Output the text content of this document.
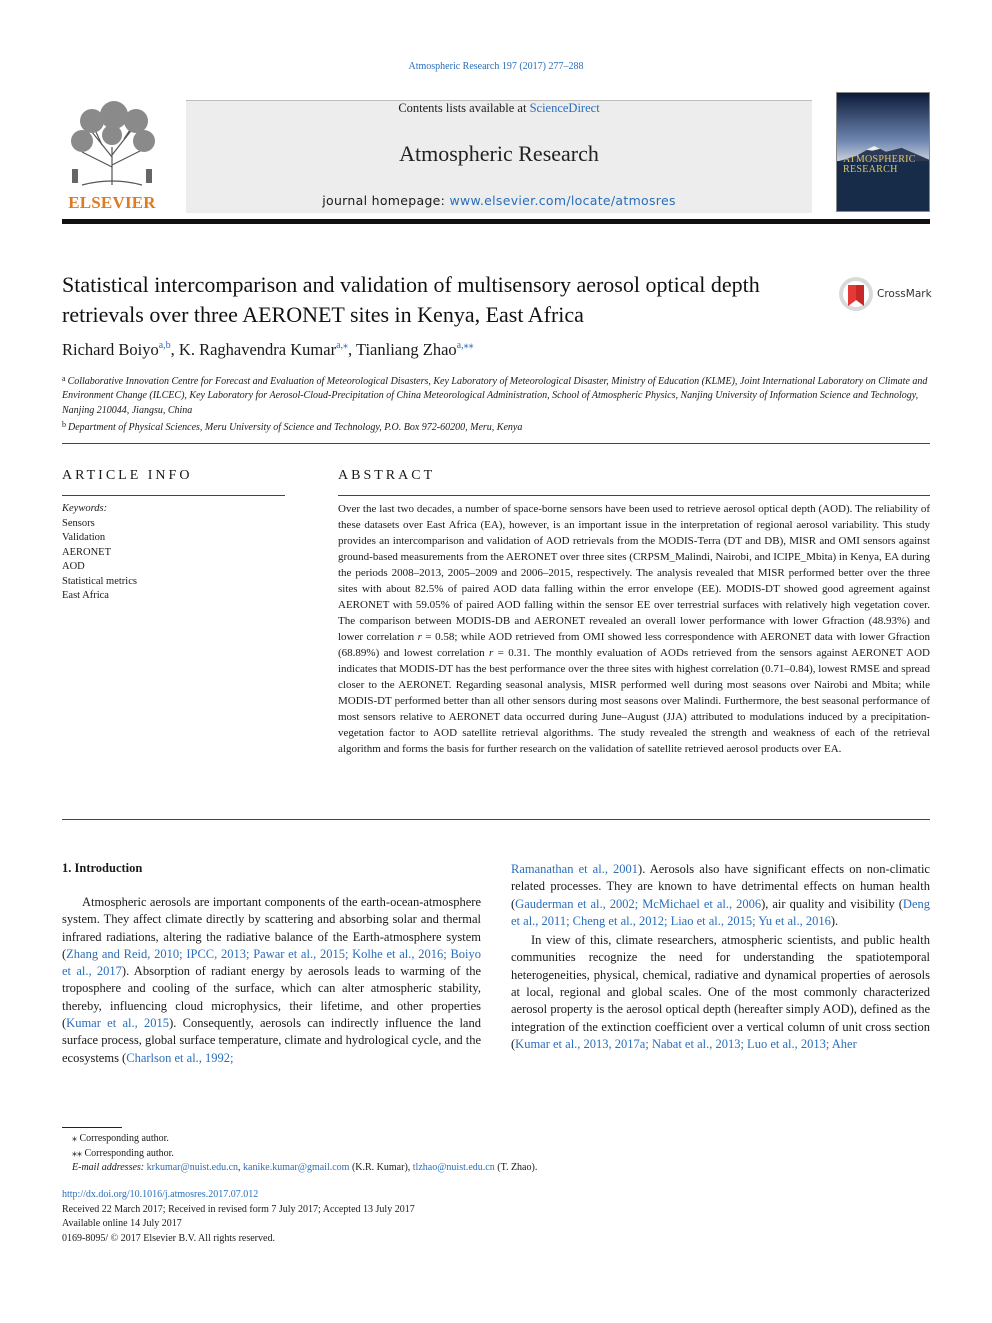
Atmospheric Research 197 (2017) 277–288
ELSEVIER
Contents lists available at ScienceDirect
Atmospheric Research
journal homepage: www.elsevier.com/locate/atmosres
ATMOSPHERIC
RESEARCH
Statistical intercomparison and validation of multisensory aerosol optical depth retrievals over three AERONET sites in Kenya, East Africa
CrossMark
Richard Boiyo$^{a,b}$, K. Raghavendra Kumar$^{a,⁎}$, Tianliang Zhao$^{a,⁎⁎}$
$^a$ Collaborative Innovation Centre for Forecast and Evaluation of Meteorological Disasters, Key Laboratory of Meteorological Disaster, Ministry of Education (KLME), Joint International Laboratory on Climate and Environment Change (ILCEC), Key Laboratory for Aerosol-Cloud-Precipitation of China Meteorological Administration, School of Atmospheric Physics, Nanjing University of Information Science and Technology, Nanjing 210044, Jiangsu, China
$^b$ Department of Physical Sciences, Meru University of Science and Technology, P.O. Box 972-60200, Meru, Kenya
ARTICLE INFO
Keywords:
Sensors
Validation
AERONET
AOD
Statistical metrics
East Africa
ABSTRACT
Over the last two decades, a number of space-borne sensors have been used to retrieve aerosol optical depth (AOD). The reliability of these datasets over East Africa (EA), however, is an important issue in the interpretation of regional aerosol variability. This study provides an intercomparison and validation of AOD retrievals from the MODIS-Terra (DT and DB), MISR and OMI sensors against ground-based measurements from the AERONET over three sites (CRPSM_Malindi, Nairobi, and ICIPE_Mbita) in Kenya, EA during the periods 2008–2013, 2005–2009 and 2006–2015, respectively. The analysis revealed that MISR performed better over the three sites with about 82.5% of paired AOD data falling within the error envelope (EE). MODIS-DT showed good agreement against AERONET with 59.05% of paired AOD falling within the sensor EE over terrestrial surfaces with relatively high vegetation cover. The comparison between MODIS-DB and AERONET revealed an overall lower performance with lower Gfraction (48.93%) and lower correlation r = 0.58; while AOD retrieved from OMI showed less correspondence with AERONET data with lower Gfraction (68.89%) and lowest correlation r = 0.31. The monthly evaluation of AODs retrieved from the sensors against AERONET AOD indicates that MODIS-DT has the best performance over the three sites with highest correlation (0.71–0.84), lowest RMSE and spread closer to the AERONET. Regarding seasonal analysis, MISR performed well during most seasons over Nairobi and Mbita; while MODIS-DT performed better than all other sensors during most seasons over Malindi. Furthermore, the best seasonal performance of most sensors relative to AERONET data occurred during June–August (JJA) attributed to modulations induced by a precipitation-vegetation factor to AOD satellite retrieval algorithms. The study revealed the strength and weakness of each of the retrieval algorithm and forms the basis for further research on the validation of satellite retrieved aerosol products over EA.
1. Introduction

Atmospheric aerosols are important components of the earth-ocean-atmosphere system. They affect climate directly by scattering and absorbing solar and thermal infrared radiations, altering the radiative balance of the Earth-atmosphere system (Zhang and Reid, 2010; IPCC, 2013; Pawar et al., 2015; Kolhe et al., 2016; Boiyo et al., 2017). Absorption of radiant energy by aerosols leads to warming of the troposphere and cooling of the surface, which can alter atmospheric stability, thereby, influencing cloud microphysics, their lifetime, and other properties (Kumar et al., 2015). Consequently, aerosols can indirectly influence the land surface process, global surface temperature, climate and hydrological cycle, and the ecosystems (Charlson et al., 1992;

Ramanathan et al., 2001). Aerosols also have significant effects on non-climatic related processes. They are known to have detrimental effects on human health (Gauderman et al., 2002; McMichael et al., 2006), air quality and visibility (Deng et al., 2011; Cheng et al., 2012; Liao et al., 2015; Yu et al., 2016).

In view of this, climate researchers, atmospheric scientists, and public health communities recognize the need for understanding the spatiotemporal heterogeneities, physical, chemical, radiative and dynamical properties of aerosols at local, regional and global scales. One of the most commonly characterized aerosol property is the aerosol optical depth (hereafter simply AOD), defined as the integration of the extinction coefficient over a vertical column of unit cross section (Kumar et al., 2013, 2017a; Nabat et al., 2013; Luo et al., 2013; Aher

⁎ Corresponding author.
⁎⁎ Corresponding author.
E-mail addresses: krkumar@nuist.edu.cn, kanike.kumar@gmail.com (K.R. Kumar), tlzhao@nuist.edu.cn (T. Zhao).
http://dx.doi.org/10.1016/j.atmosres.2017.07.012
Received 22 March 2017; Received in revised form 7 July 2017; Accepted 13 July 2017
Available online 14 July 2017
0169-8095/ © 2017 Elsevier B.V. All rights reserved.
